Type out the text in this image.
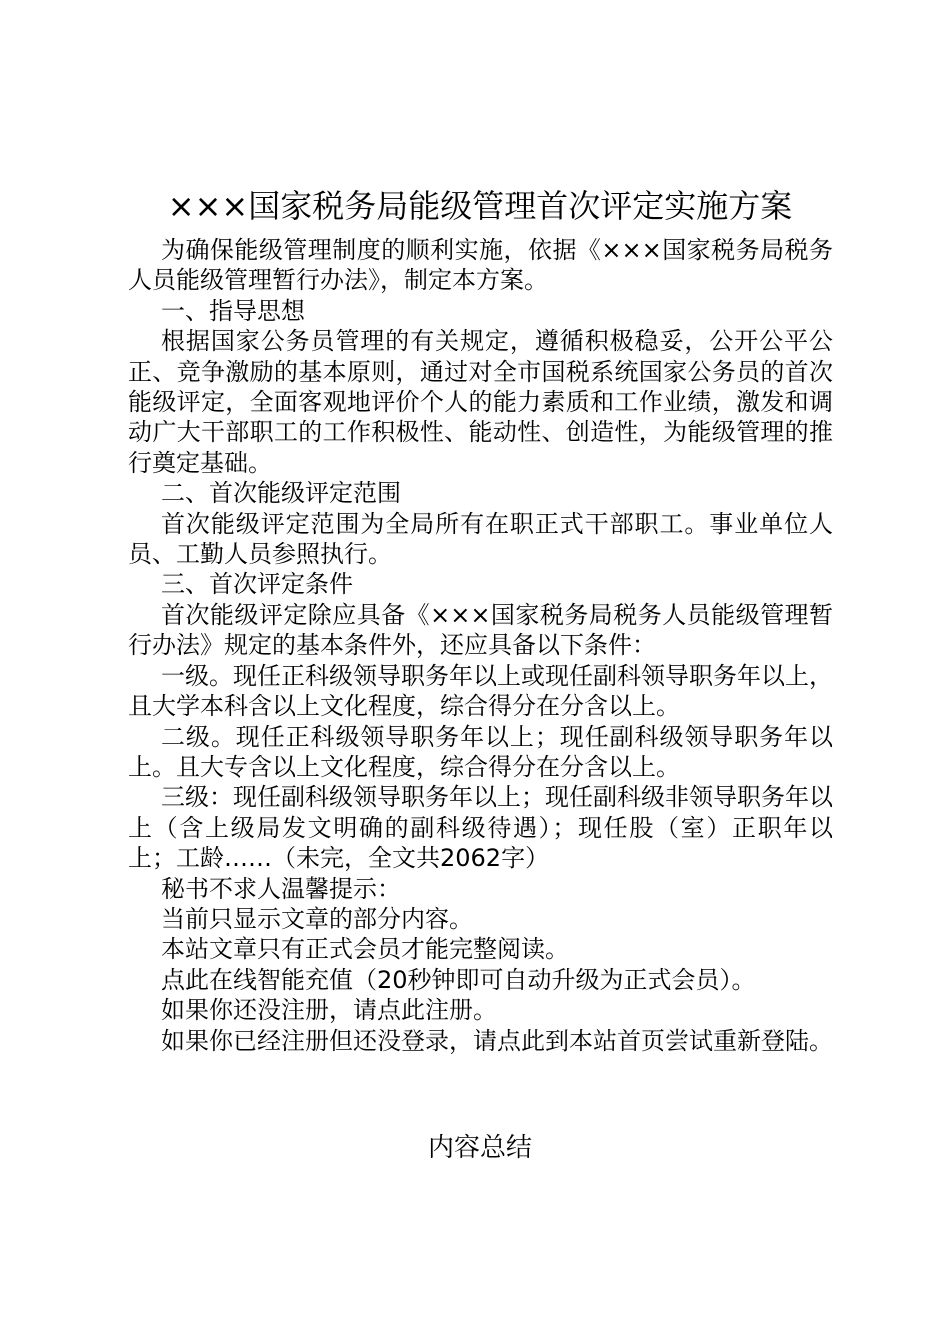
×××国家税务局能级管理首次评定实施方案

为确保能级管理制度的顺利实施，依据《×××国家税务局税务人员能级管理暂行办法》，制定本方案。

一、指导思想

根据国家公务员管理的有关规定，遵循积极稳妥，公开公平公正、竞争激励的基本原则，通过对全市国税系统国家公务员的首次能级评定，全面客观地评价个人的能力素质和工作业绩，激发和调动广大干部职工的工作积极性、能动性、创造性，为能级管理的推行奠定基础。

二、首次能级评定范围

首次能级评定范围为全局所有在职正式干部职工。事业单位人员、工勤人员参照执行。

三、首次评定条件

首次能级评定除应具备《×××国家税务局税务人员能级管理暂行办法》规定的基本条件外，还应具备以下条件：

一级。现任正科级领导职务年以上或现任副科领导职务年以上，且大学本科含以上文化程度，综合得分在分含以上。

二级。现任正科级领导职务年以上；现任副科级领导职务年以上。且大专含以上文化程度，综合得分在分含以上。

三级：现任副科级领导职务年以上；现任副科级非领导职务年以上（含上级局发文明确的副科级待遇）；现任股（室）正职年以上；工龄……（未完，全文共2062字）

秘书不求人温馨提示：

当前只显示文章的部分内容。

本站文章只有正式会员才能完整阅读。

点此在线智能充值（20秒钟即可自动升级为正式会员）。

如果你还没注册，请点此注册。

如果你已经注册但还没登录，请点此到本站首页尝试重新登陆。

内容总结
